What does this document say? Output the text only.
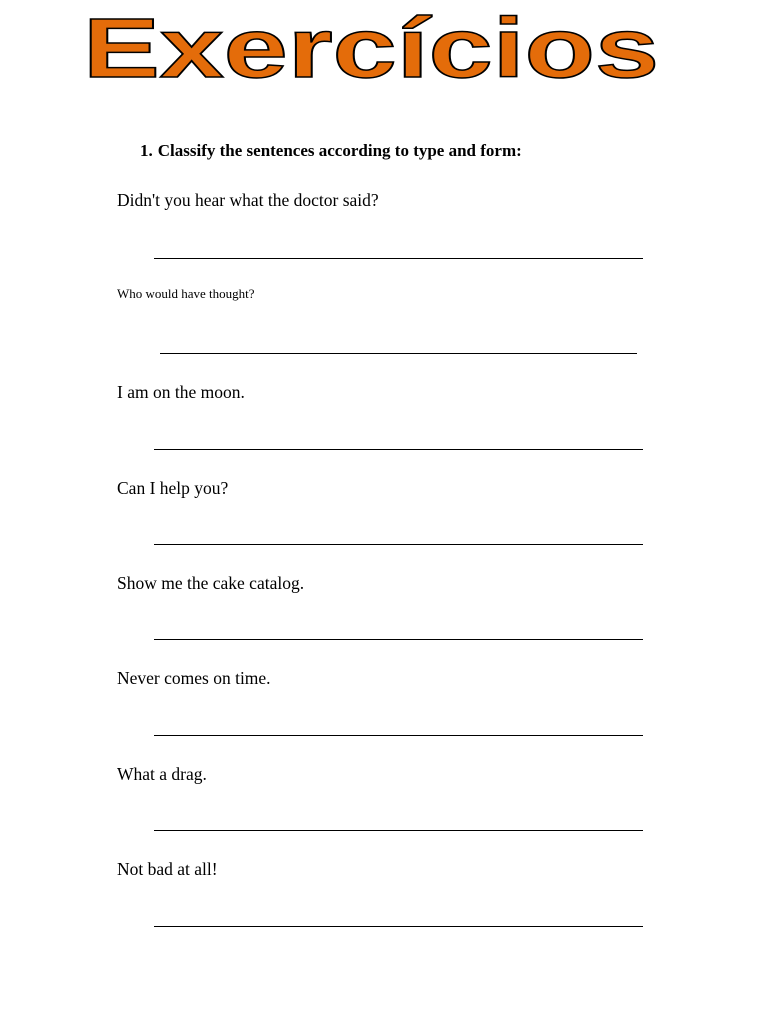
Exercícios
1. Classify the sentences according to type and form:
Didn't you hear what the doctor said?
Who would have thought?
I am on the moon.
Can I help you?
Show me the cake catalog.
Never comes on time.
What a drag.
Not bad at all!
